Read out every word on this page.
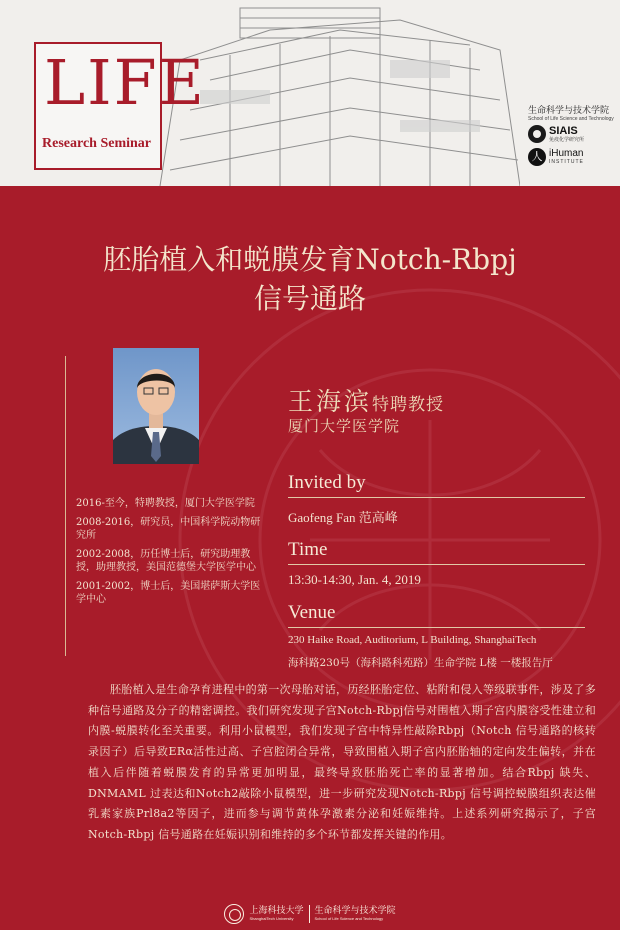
LIFE
Research Seminar
生命科学与技术学院
School of Life Science and Technology
SIAIS
免疫化学研究所
人 iHuman
INSTITUTE
胚胎植入和蜕膜发育Notch-Rbpj
信号通路
王海滨特聘教授
厦门大学医学院
2016-至今，特聘教授，厦门大学医学院
2008-2016，研究员，中国科学院动物研究所
2002-2008，历任博士后，研究助理教授，助理教授，美国范德堡大学医学中心
2001-2002，博士后，美国堪萨斯大学医学中心
Invited by
Gaofeng Fan 范高峰
Time
13:30-14:30, Jan. 4, 2019
Venue
230 Haike Road, Auditorium, L Building, ShanghaiTech
海科路230号（海科路科苑路）生命学院 L楼 一楼报告厅
胚胎植入是生命孕育进程中的第一次母胎对话，历经胚胎定位、粘附和侵入等级联事件，涉及了多种信号通路及分子的精密调控。我们研究发现子宫Notch-Rbpj信号对围植入期子宫内膜容受性建立和内膜-蜕膜转化至关重要。利用小鼠模型，我们发现子宫中特异性敲除Rbpj（Notch 信号通路的核转录因子）后导致ERα活性过高、子宫腔闭合异常，导致围植入期子宫内胚胎轴的定向发生偏转，并在植入后伴随着蜕膜发育的异常更加明显，最终导致胚胎死亡率的显著增加。结合Rbpj 缺失、DNMAML 过表达和Notch2敲除小鼠模型，进一步研究发现Notch-Rbpj 信号调控蜕膜组织表达催乳素家族Prl8a2等因子，进而参与调节黄体孕激素分泌和妊娠维持。上述系列研究揭示了，子宫Notch-Rbpj 信号通路在妊娠识别和维持的多个环节都发挥关键的作用。
上海科技大学
ShanghaiTech University
生命科学与技术学院
School of Life Science and Technology
